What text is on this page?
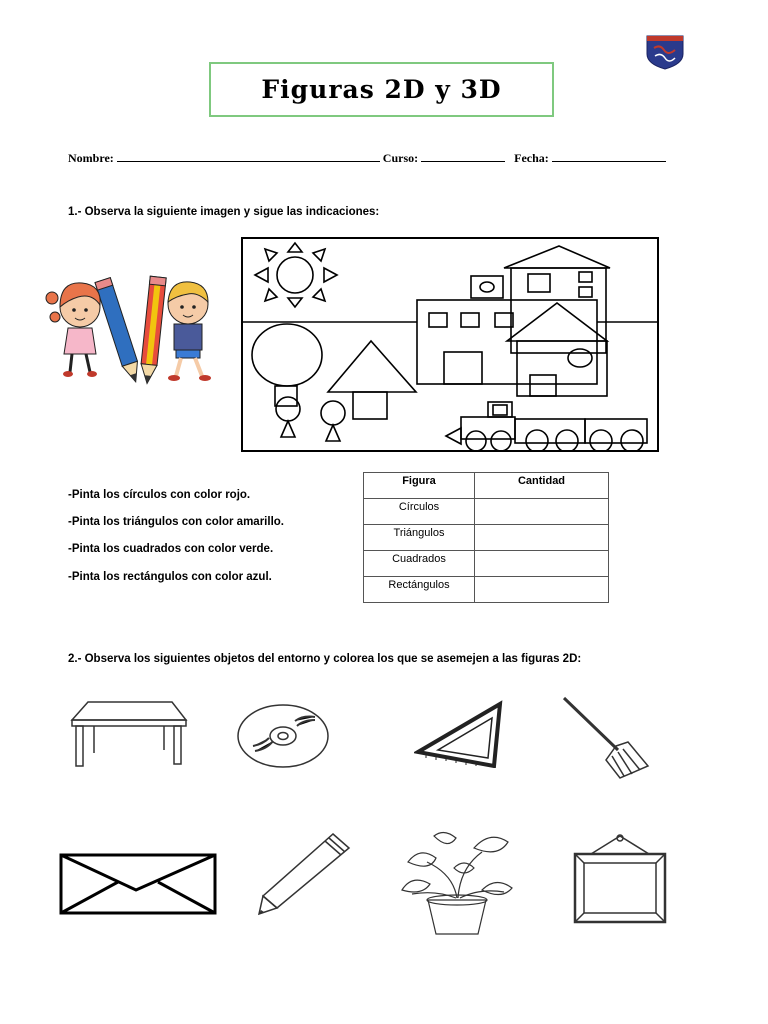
Figuras 2D y 3D
Nombre:	Curso:	Fecha:
1.- Observa la siguiente imagen y sigue las indicaciones:
-Pinta los círculos con color rojo.
-Pinta los triángulos con color amarillo.
-Pinta los cuadrados con color verde.
-Pinta los rectángulos con color azul.
Figura	Cantidad
Círculos	
Triángulos	
Cuadrados	
Rectángulos	
2.- Observa los siguientes objetos del entorno y colorea los que se asemejen a las figuras 2D:
